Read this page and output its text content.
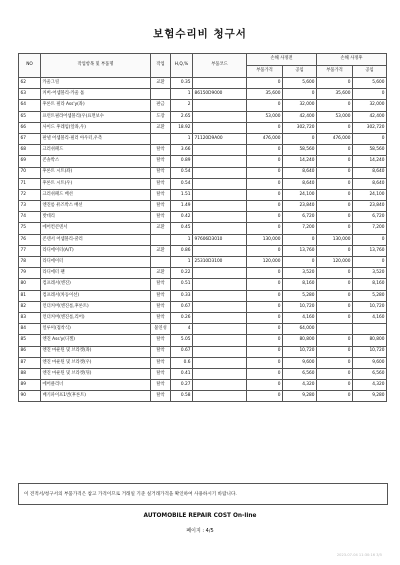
보험수리비 청구서
NO	작업항목 및 부품명	작업	H,Q,%	부품코드	손해 사정전		손해 사정후	
					부품가격	공임	부품가격	공임
62	카울그릴	교환	0.35		0	5,600	0	5,600
63	커버-어셈블리-카울 톱		1	86150D9000	35,600	0	35,600	0
64	후론트 필라 Ass'y(좌)	판금	2		0	32,000	0	32,000
65	프런트필라어셈블리(우)표면보수	도장	2.65		53,000	42,400	53,000	42,400
66	사이드 후레임(앞좌,우)	교환	18.92		0	302,720	0	302,720
67	판넬 어셈블리-필러 아우터,우측		1	71120D9A00	476,000	0	476,000	0
68	크러쉬패드	탈착	3.66		0	58,560	0	58,560
69	콘솔박스	탈착	0.89		0	14,240	0	14,240
70	후론트 시트(좌)	탈착	0.54		0	8,640	0	8,640
71	후론트 시트(우)	탈착	0.54		0	8,640	0	8,640
72	크러쉬패드 배선	탈착	1.51		0	24,100	0	24,100
73	엔진룸 퓨즈박스 배선	탈착	1.49		0	23,840	0	23,840
74	밧데리	탈착	0.42		0	6,720	0	6,720
75	에어컨콘덴서	교환	0.45		0	7,200	0	7,200
76	콘덴서 어셈블리-쿨러		1	97606D3010	130,000	0	130,000	0
77	라디에이터(A/T)	교환	0.86		0	13,760	0	13,760
78	라디에이터		1	25310D3100	120,000	0	120,000	0
79	라디에터 팬	교환	0.22		0	3,520	0	3,520
80	컴프레서(엔진)	탈착	0.51		0	8,160	0	8,160
81	컴프레서(차동이션)	탈착	0.33		0	5,280	0	5,280
82	언더커버(엔진룸,후론트)	탈착	0.67		0	10,720	0	10,720
83	언더커버(엔진룸,리어)	탈착	0.26		0	4,160	0	4,160
84	얼루미(접착식)	불연성	4		0	64,000		
85	엔진 Ass'y(디젤)	탈착	5.05		0	80,800	0	80,800
86	엔진 마운틴 및 브라켓(좌)	탈착	0.67		0	10,720	0	10,720
87	엔진 마운틴 및 브라켓(우)	탈착	0.6		0	9,600	0	9,600
88	엔진 마운틴 및 브라켓(뒤)	탈착	0.41		0	6,560	0	6,560
89	에어클리너	탈착	0.27		0	4,320	0	4,320
90	배기파이프1번(후론트)	탈착	0.58		0	9,280	0	9,280
이 견적서/청구서의 부품가격은 참고 가격이므로 거래일 기준 실거래가격을 확인하여 사용하시기 바랍니다.
AUTOMOBILE REPAIR COST On-line
페이지 : 4/5
2023-07-04 11:30:16 3/5
